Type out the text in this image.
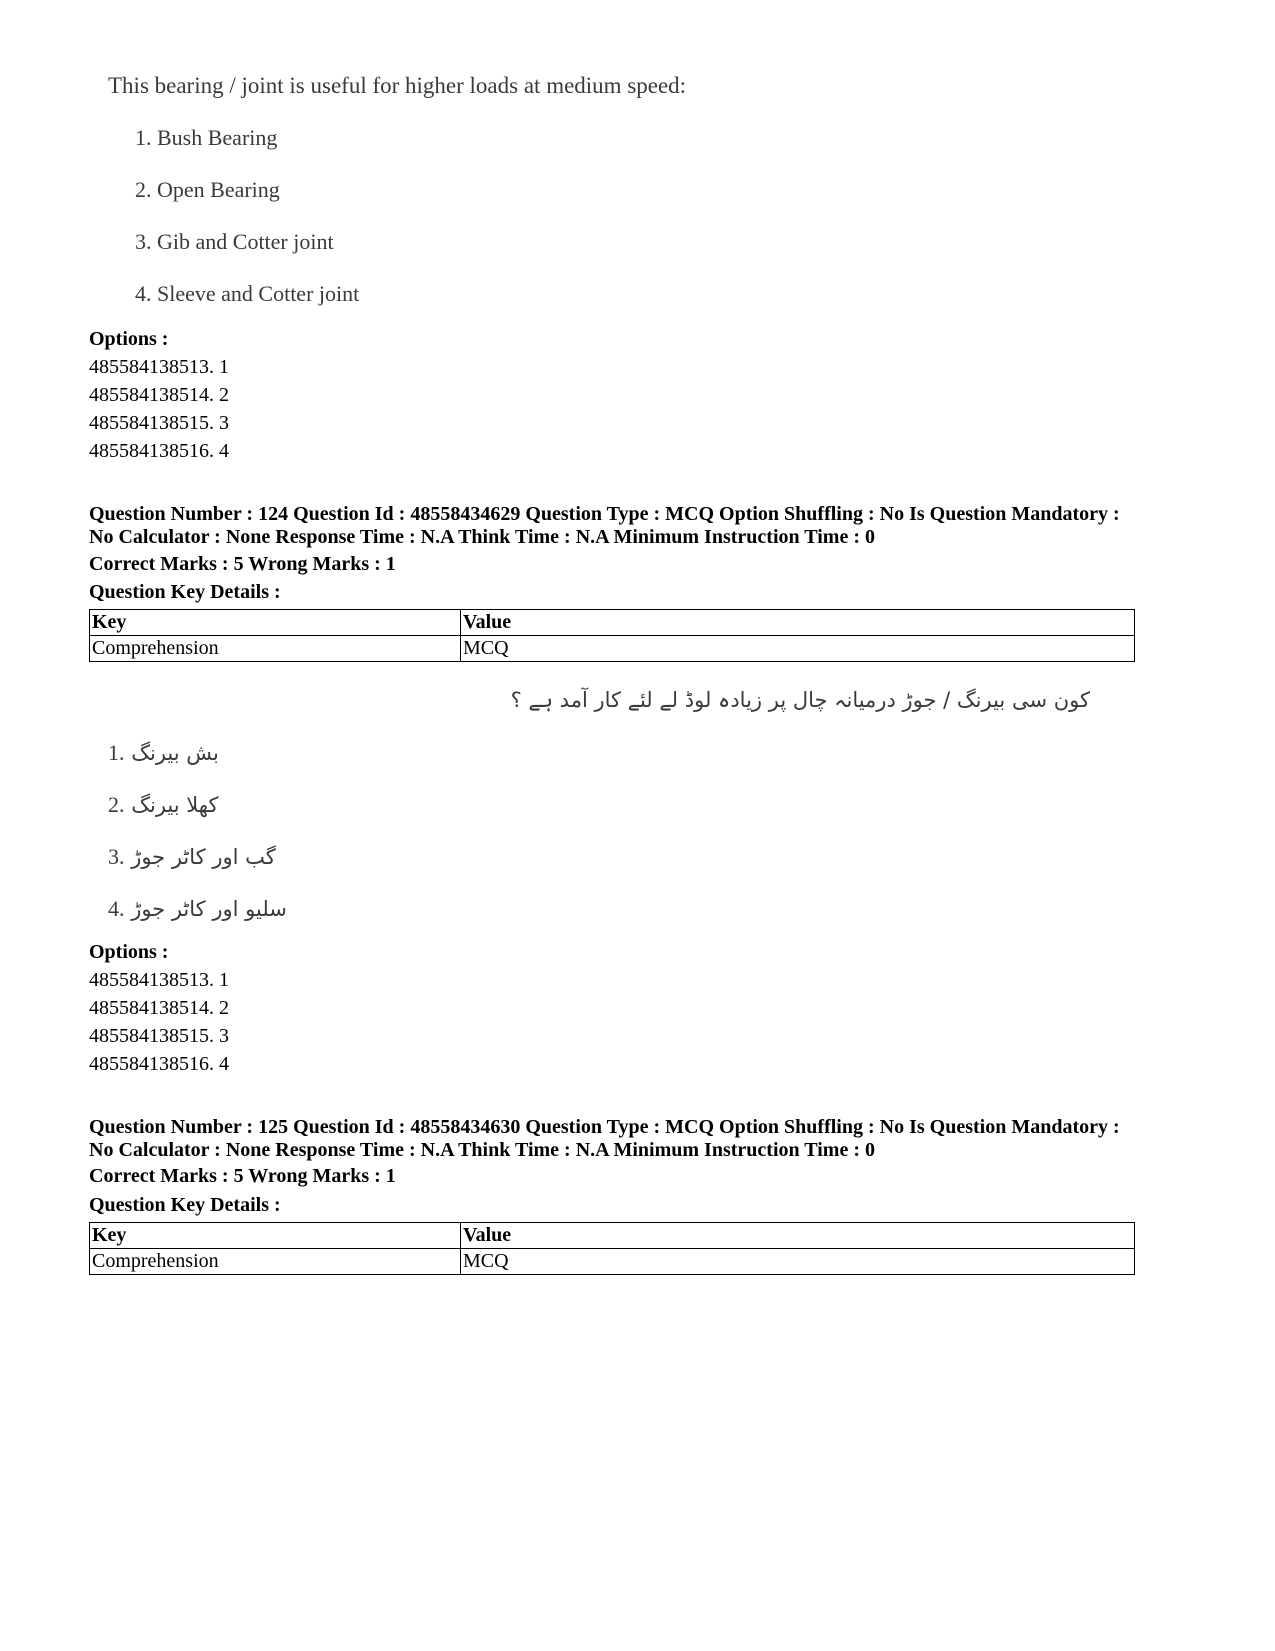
This bearing / joint is useful for higher loads at medium speed:
1. Bush Bearing
2. Open Bearing
3. Gib and Cotter joint
4. Sleeve and Cotter joint
Options :
485584138513. 1
485584138514. 2
485584138515. 3
485584138516. 4
Question Number : 124 Question Id : 48558434629 Question Type : MCQ Option Shuffling : No Is Question Mandatory :
No Calculator : None Response Time : N.A Think Time : N.A Minimum Instruction Time : 0
Correct Marks : 5 Wrong Marks : 1
Question Key Details :
Key	Value
Comprehension	MCQ
کون سی بیرنگ / جوڑ درمیانہ چال پر زیادہ لوڈ لے لئے کار آمد ہے ؟
1. بش بیرنگ
2. کھلا بیرنگ
3. گب اور کاٹر جوڑ
4. سلیو اور کاٹر جوڑ
Options :
485584138513. 1
485584138514. 2
485584138515. 3
485584138516. 4
Question Number : 125 Question Id : 48558434630 Question Type : MCQ Option Shuffling : No Is Question Mandatory :
No Calculator : None Response Time : N.A Think Time : N.A Minimum Instruction Time : 0
Correct Marks : 5 Wrong Marks : 1
Question Key Details :
Key	Value
Comprehension	MCQ
